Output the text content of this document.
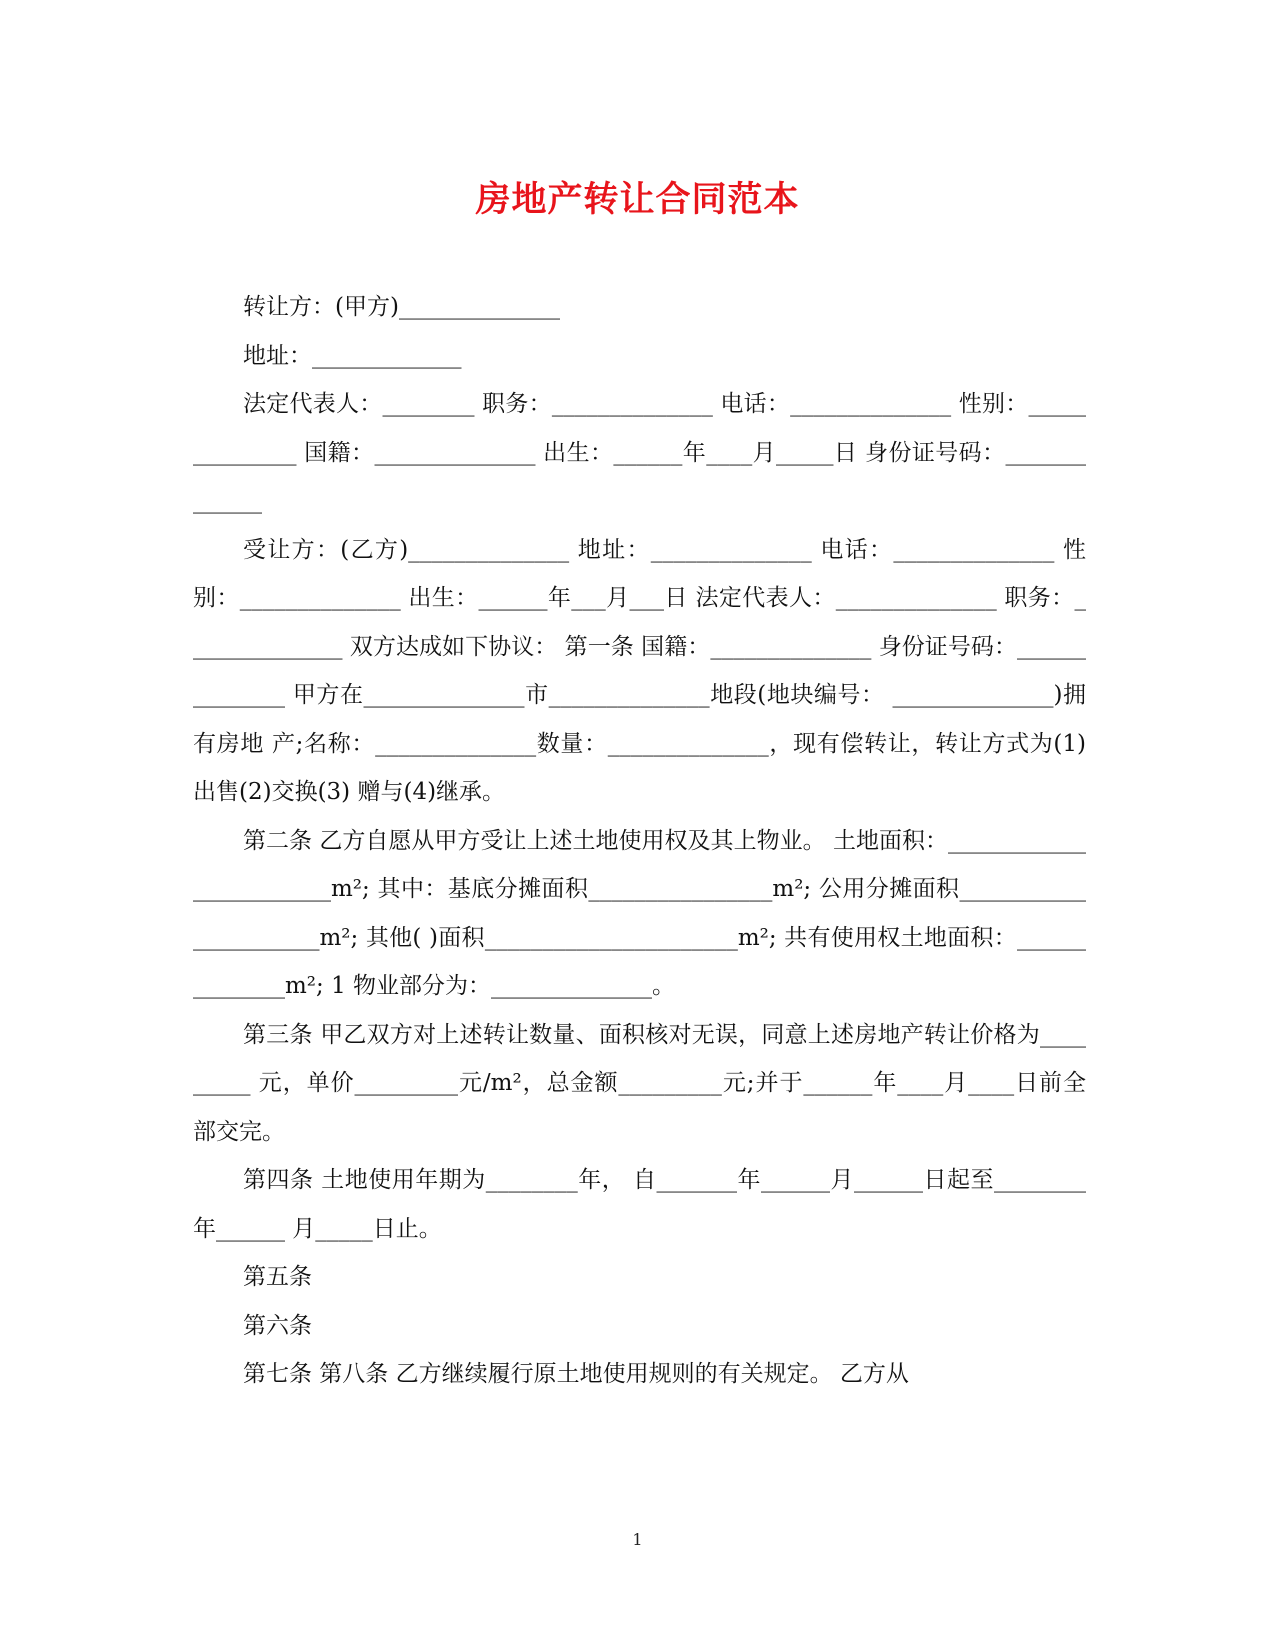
房地产转让合同范本

转让方：(甲方)______________

地址：_____________

法定代表人：________ 职务：______________ 电话：______________ 性别：______________ 国籍：______________ 出生：______年____月_____日 身份证号码：_____________

受让方：(乙方)______________ 地址：______________ 电话：______________ 性别：______________ 出生：______年___月___日 法定代表人：______________ 职务：______________ 双方达成如下协议： 第一条 国籍：______________ 身份证号码：______________ 甲方在______________市______________地段(地块编号： ______________)拥有房地 产;名称：______________数量：______________，现有偿转让，转让方式为(1)出售(2)交换(3) 赠与(4)继承。

第二条 乙方自愿从甲方受让上述土地使用权及其上物业。 土地面积：________________________m²; 其中：基底分摊面积________________m²; 公用分摊面积______________________m²; 其他( )面积______________________m²; 共有使用权土地面积：______________m²; 1 物业部分为：______________。

第三条 甲乙双方对上述转让数量、面积核对无误，同意上述房地产转让价格为_________ 元，单价_________元/m²，总金额_________元;并于______年____月____日前全部交完。

第四条 土地使用年期为________年， 自_______年______月______日起至________年______ 月_____日止。

第五条

第六条

第七条 第八条 乙方继续履行原土地使用规则的有关规定。 乙方从

1
